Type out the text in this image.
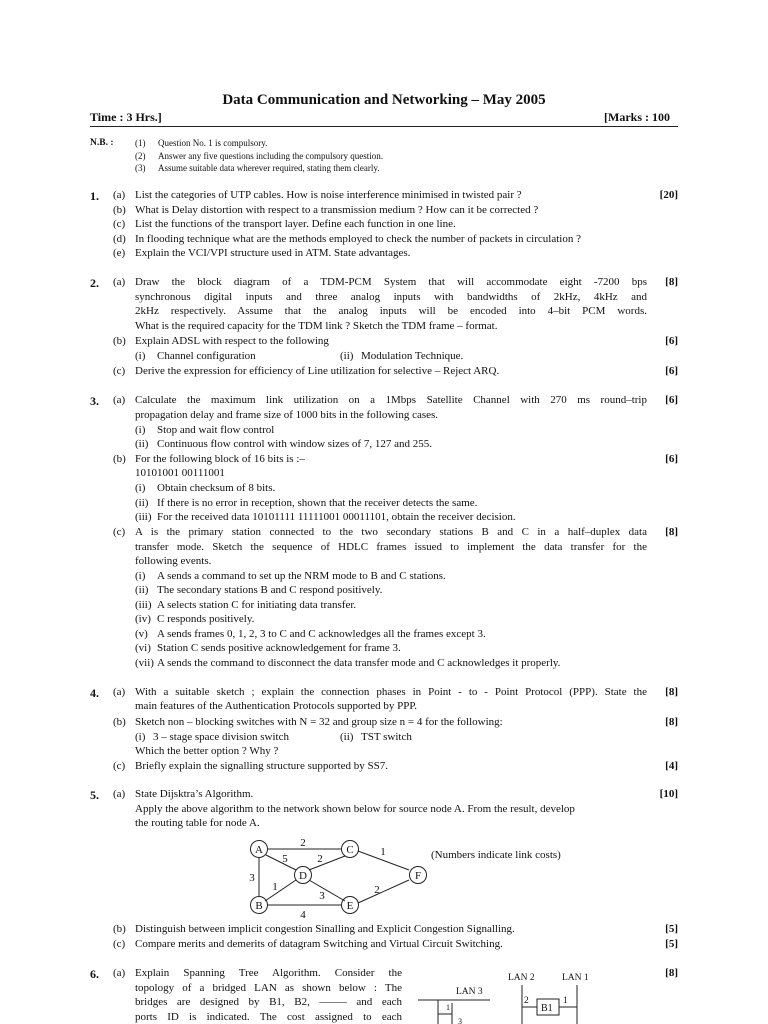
Data Communication and Networking – May 2005
Time : 3 Hrs.]	[Marks : 100
N.B. : (1) Question No. 1 is compulsory.
(2) Answer any five questions including the compulsory question.
(3) Assume suitable data wherever required, stating them clearly.
1. (a) List the categories of UTP cables. How is noise interference minimised in twisted pair ?	[20]
(b) What is Delay distortion with respect to a transmission medium ? How can it be corrected ?
(c) List the functions of the transport layer. Define each function in one line.
(d) In flooding technique what are the methods employed to check the number of packets in circulation ?
(e) Explain the VCI/VPI structure used in ATM. State advantages.
2. (a) Draw the block diagram of a TDM-PCM System that will accommodate eight -7200 bps	[8]
synchronous digital inputs and three analog inputs with bandwidths of 2kHz, 4kHz and
2kHz respectively. Assume that the analog inputs will be encoded into 4–bit PCM words.
What is the required capacity for the TDM link ? Sketch the TDM frame – format.
(b) Explain ADSL with respect to the following	[6]
(i) Channel configuration	(ii) Modulation Technique.
(c) Derive the expression for efficiency of Line utilization for selective – Reject ARQ.	[6]
3. (a) Calculate the maximum link utilization on a 1Mbps Satellite Channel with 270 ms round–trip	[6]
propagation delay and frame size of 1000 bits in the following cases.
(i) Stop and wait flow control
(ii) Continuous flow control with window sizes of 7, 127 and 255.
(b) For the following block of 16 bits is :–	[6]
10101001 00111001
(i) Obtain checksum of 8 bits.
(ii) If there is no error in reception, shown that the receiver detects the same.
(iii) For the received data 10101111 11111001 00011101, obtain the receiver decision.
(c) A is the primary station connected to the two secondary stations B and C in a half–duplex data	[8]
transfer mode. Sketch the sequence of HDLC frames issued to implement the data transfer for the
following events.
(i) A sends a command to set up the NRM mode to B and C stations.
(ii) The secondary stations B and C respond positively.
(iii) A selects station C for initiating data transfer.
(iv) C responds positively.
(v) A sends frames 0, 1, 2, 3 to C and C acknowledges all the frames except 3.
(vi) Station C sends positive acknowledgement for frame 3.
(vii) A sends the command to disconnect the data transfer mode and C acknowledges it properly.
4. (a) With a suitable sketch ; explain the connection phases in Point - to - Point Protocol (PPP). State the	[8]
main features of the Authentication Protocols supported by PPP.
(b) Sketch non – blocking switches with N = 32 and group size n = 4 for the following:	[8]
(i) 3 – stage space division switch	(ii) TST switch
Which the better option ? Why ?
(c) Briefly explain the signalling structure supported by SS7.	[4]
5. (a) State Dijsktra’s Algorithm.	[10]
Apply the above algorithm to the network shown below for source node A. From the result, develop
the routing table for node A.
A
B
C
D
E
F
2
5
3
2
1
1
3
4
2
(Numbers indicate link costs)
(b) Distinguish between implicit congestion Sinalling and Explicit Congestion Signalling.	[5]
(c) Compare merits and demerits of datagram Switching and Virtual Circuit Switching.	[5]
6. (a) Explain Spanning Tree Algorithm. Consider the	[8]
topology of a bridged LAN as shown below : The
bridges are designed by B1, B2, ––––– and each
ports ID is indicated. The cost assigned to each
LAN 3
LAN 2	LAN 1
B1
2	1
1
3
